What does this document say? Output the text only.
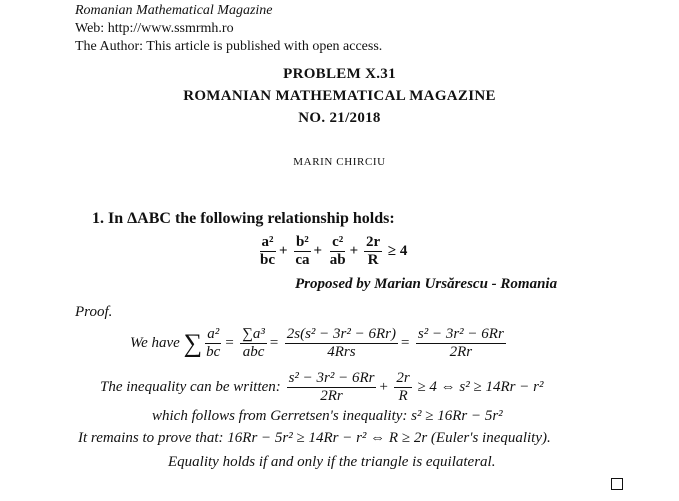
Romanian Mathematical Magazine
Web: http://www.ssmrmh.ro
The Author: This article is published with open access.
PROBLEM X.31
ROMANIAN MATHEMATICAL MAGAZINE
NO. 21/2018
MARIN CHIRCIU
1. In ΔABC the following relationship holds:
$\frac{\text{a²}}{bc} + \frac{\text{b²}}{ca} + \frac{\text{c²}}{ab} + \frac{2r}{R} \ge 4$
Proposed by Marian Ursărescu - Romania
Proof.
We have ∑ $\frac{\text{a²}}{bc} = \frac{\text{∑a³}}{\text{abc}} = \frac{\text{2s(s² − 3r² − 6Rr)}}{\text{4Rrs}} = \frac{\text{s² − 3r² − 6Rr}}{2Rr}$
The inequality can be written: $\frac{\text{s² − 3r² − 6Rr}}{2Rr} + \frac{2r}{R} \ge 4$ ⇔ s² ≥ 14Rr − r²
which follows from Gerretsen's inequality: s² ≥ 16Rr − 5r²
It remains to prove that: 16Rr − 5r² ≥ 14Rr − r² ⇔ R ≥ 2r (Euler's inequality).
Equality holds if and only if the triangle is equilateral.
